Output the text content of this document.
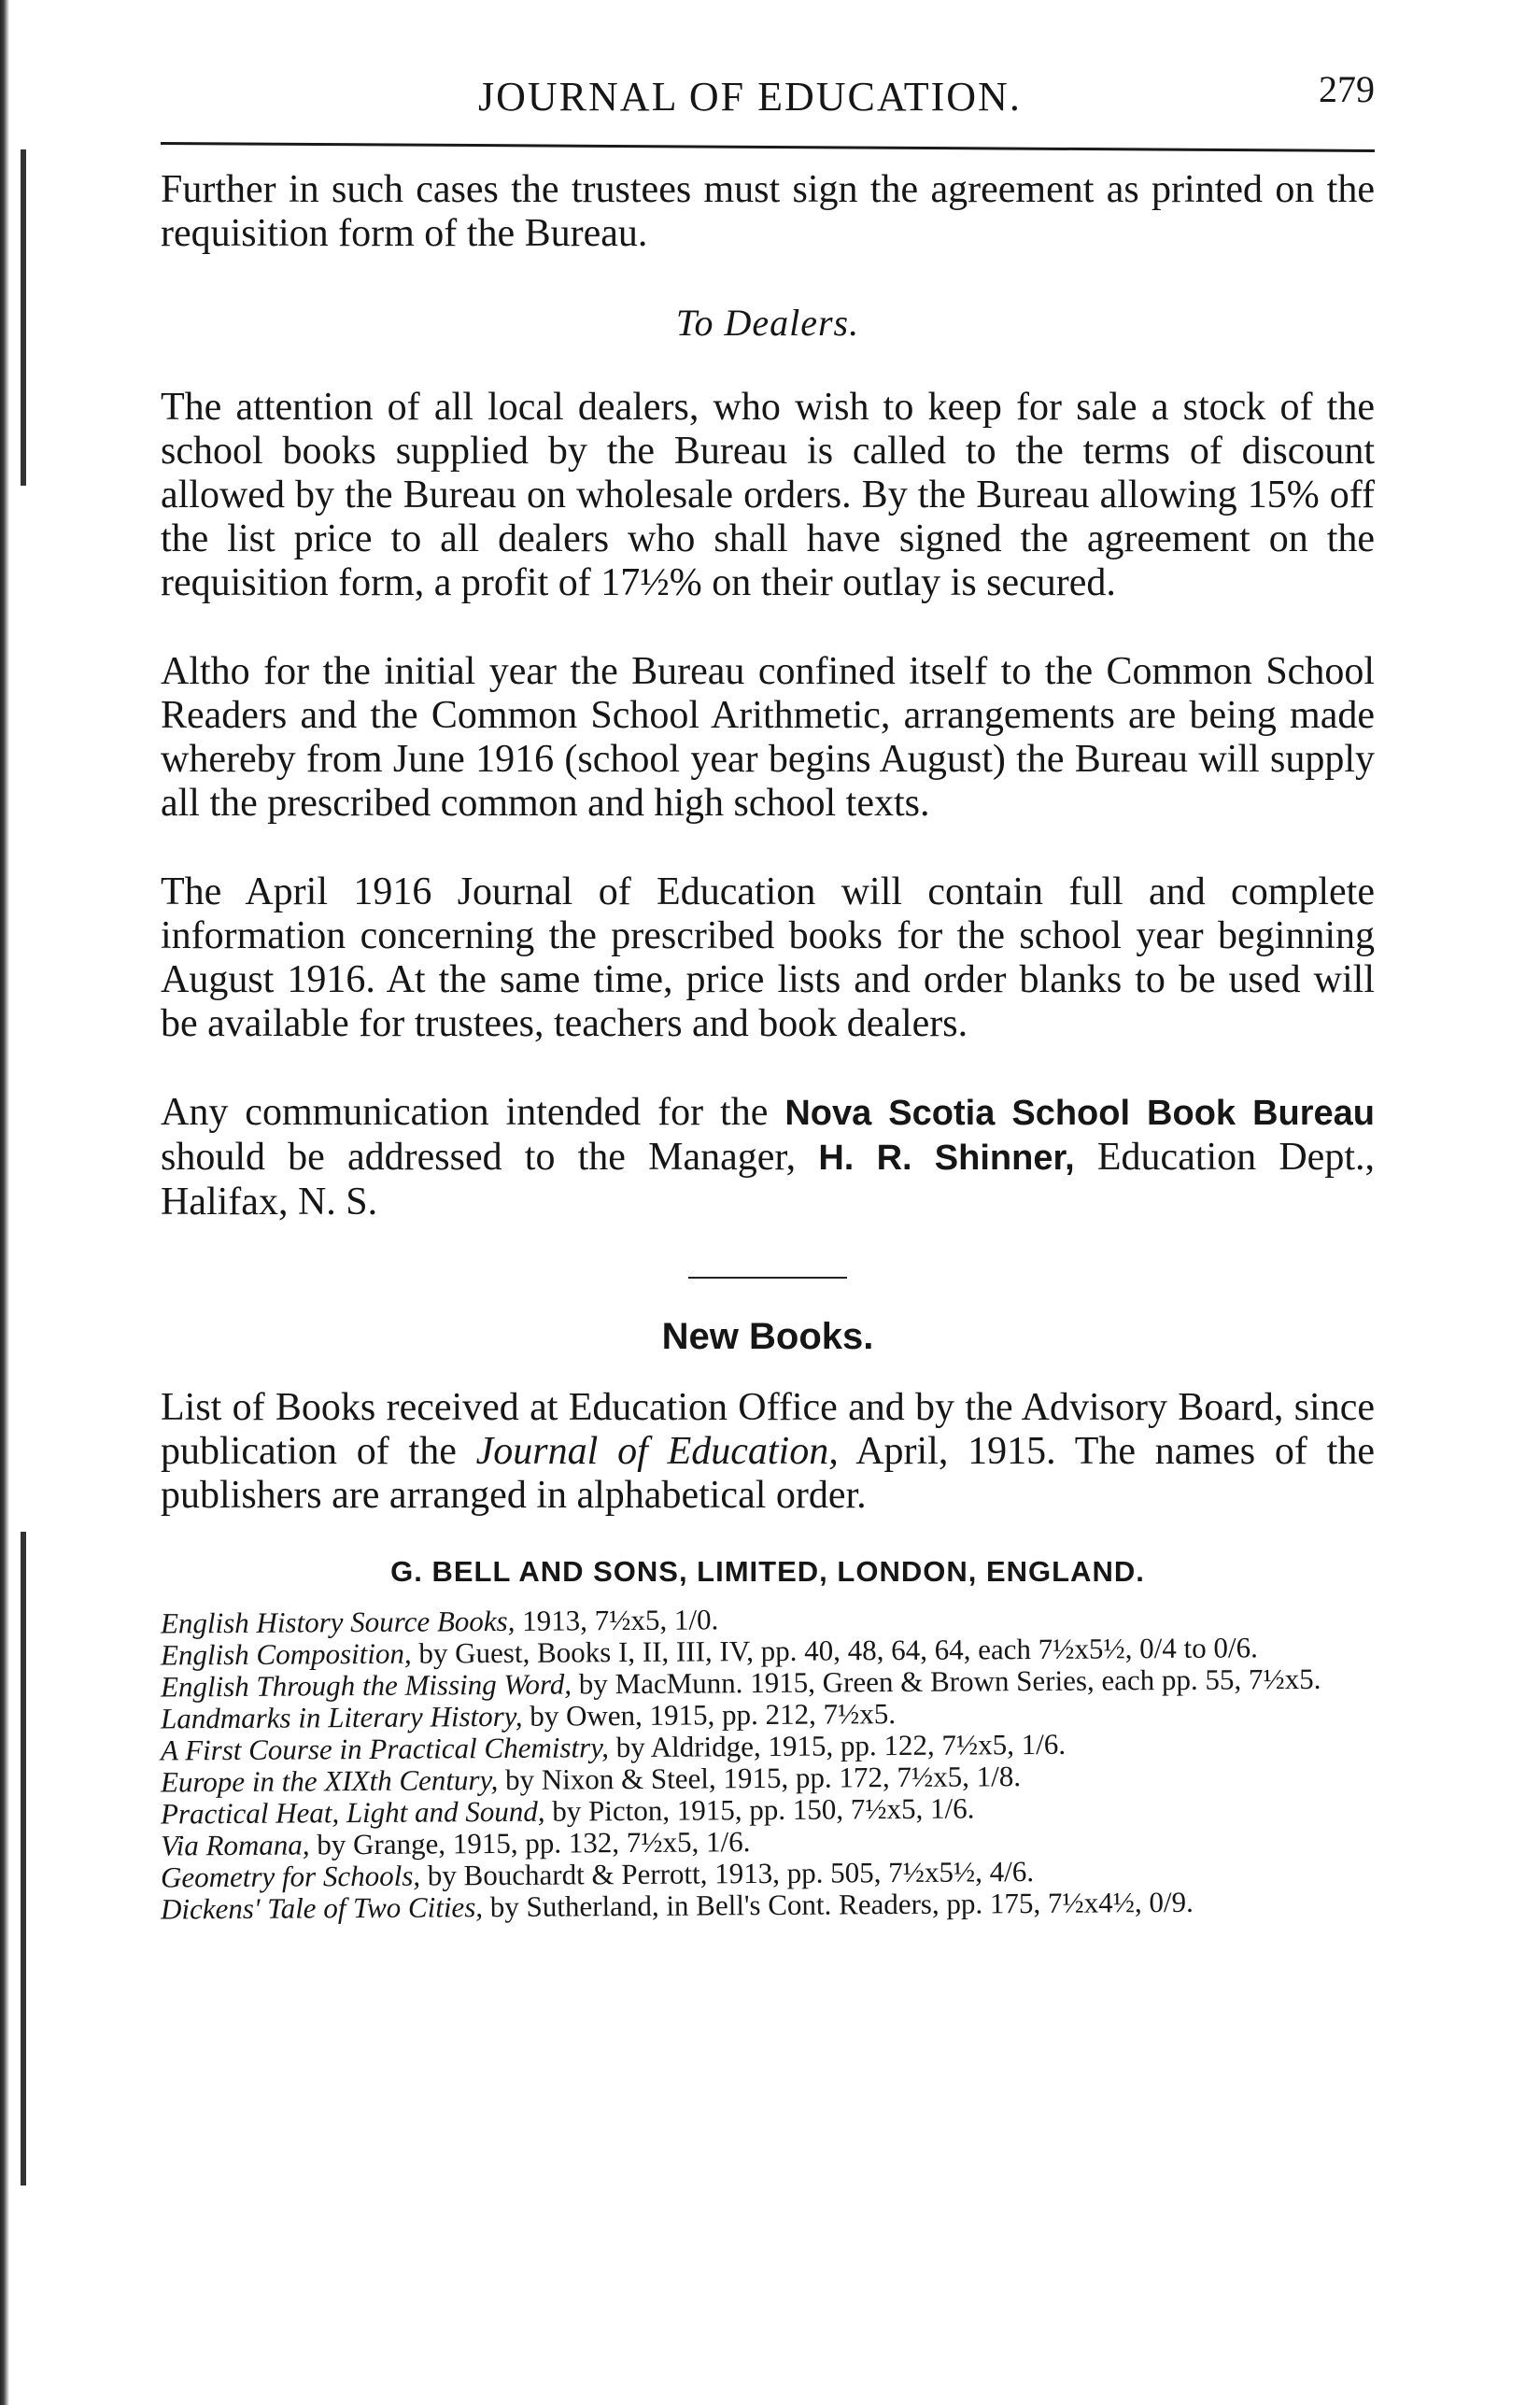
JOURNAL OF EDUCATION.	279

Further in such cases the trustees must sign the agreement as printed on the requisition form of the Bureau.

To Dealers.

The attention of all local dealers, who wish to keep for sale a stock of the school books supplied by the Bureau is called to the terms of discount allowed by the Bureau on wholesale orders. By the Bureau allowing 15% off the list price to all dealers who shall have signed the agreement on the requisition form, a profit of 17½% on their outlay is secured.

Altho for the initial year the Bureau confined itself to the Common School Readers and the Common School Arithmetic, arrangements are being made whereby from June 1916 (school year begins August) the Bureau will supply all the prescribed common and high school texts.

The April 1916 Journal of Education will contain full and complete information concerning the prescribed books for the school year beginning August 1916. At the same time, price lists and order blanks to be used will be available for trustees, teachers and book dealers.

Any communication intended for the Nova Scotia School Book Bureau should be addressed to the Manager, H. R. Shinner, Education Dept., Halifax, N. S.

New Books.

List of Books received at Education Office and by the Advisory Board, since publication of the Journal of Education, April, 1915. The names of the publishers are arranged in alphabetical order.

G. BELL AND SONS, LIMITED, LONDON, ENGLAND.
English History Source Books, 1913, 7½x5, 1/0.
English Composition, by Guest, Books I, II, III, IV, pp. 40, 48, 64, 64, each 7½x5½, 0/4 to 0/6.
English Through the Missing Word, by MacMunn. 1915, Green & Brown Series, each pp. 55, 7½x5.
Landmarks in Literary History, by Owen, 1915, pp. 212, 7½x5.
A First Course in Practical Chemistry, by Aldridge, 1915, pp. 122, 7½x5, 1/6.
Europe in the XIXth Century, by Nixon & Steel, 1915, pp. 172, 7½x5, 1/8.
Practical Heat, Light and Sound, by Picton, 1915, pp. 150, 7½x5, 1/6.
Via Romana, by Grange, 1915, pp. 132, 7½x5, 1/6.
Geometry for Schools, by Bouchardt & Perrott, 1913, pp. 505, 7½x5½, 4/6.
Dickens' Tale of Two Cities, by Sutherland, in Bell's Cont. Readers, pp. 175, 7½x4½, 0/9.
